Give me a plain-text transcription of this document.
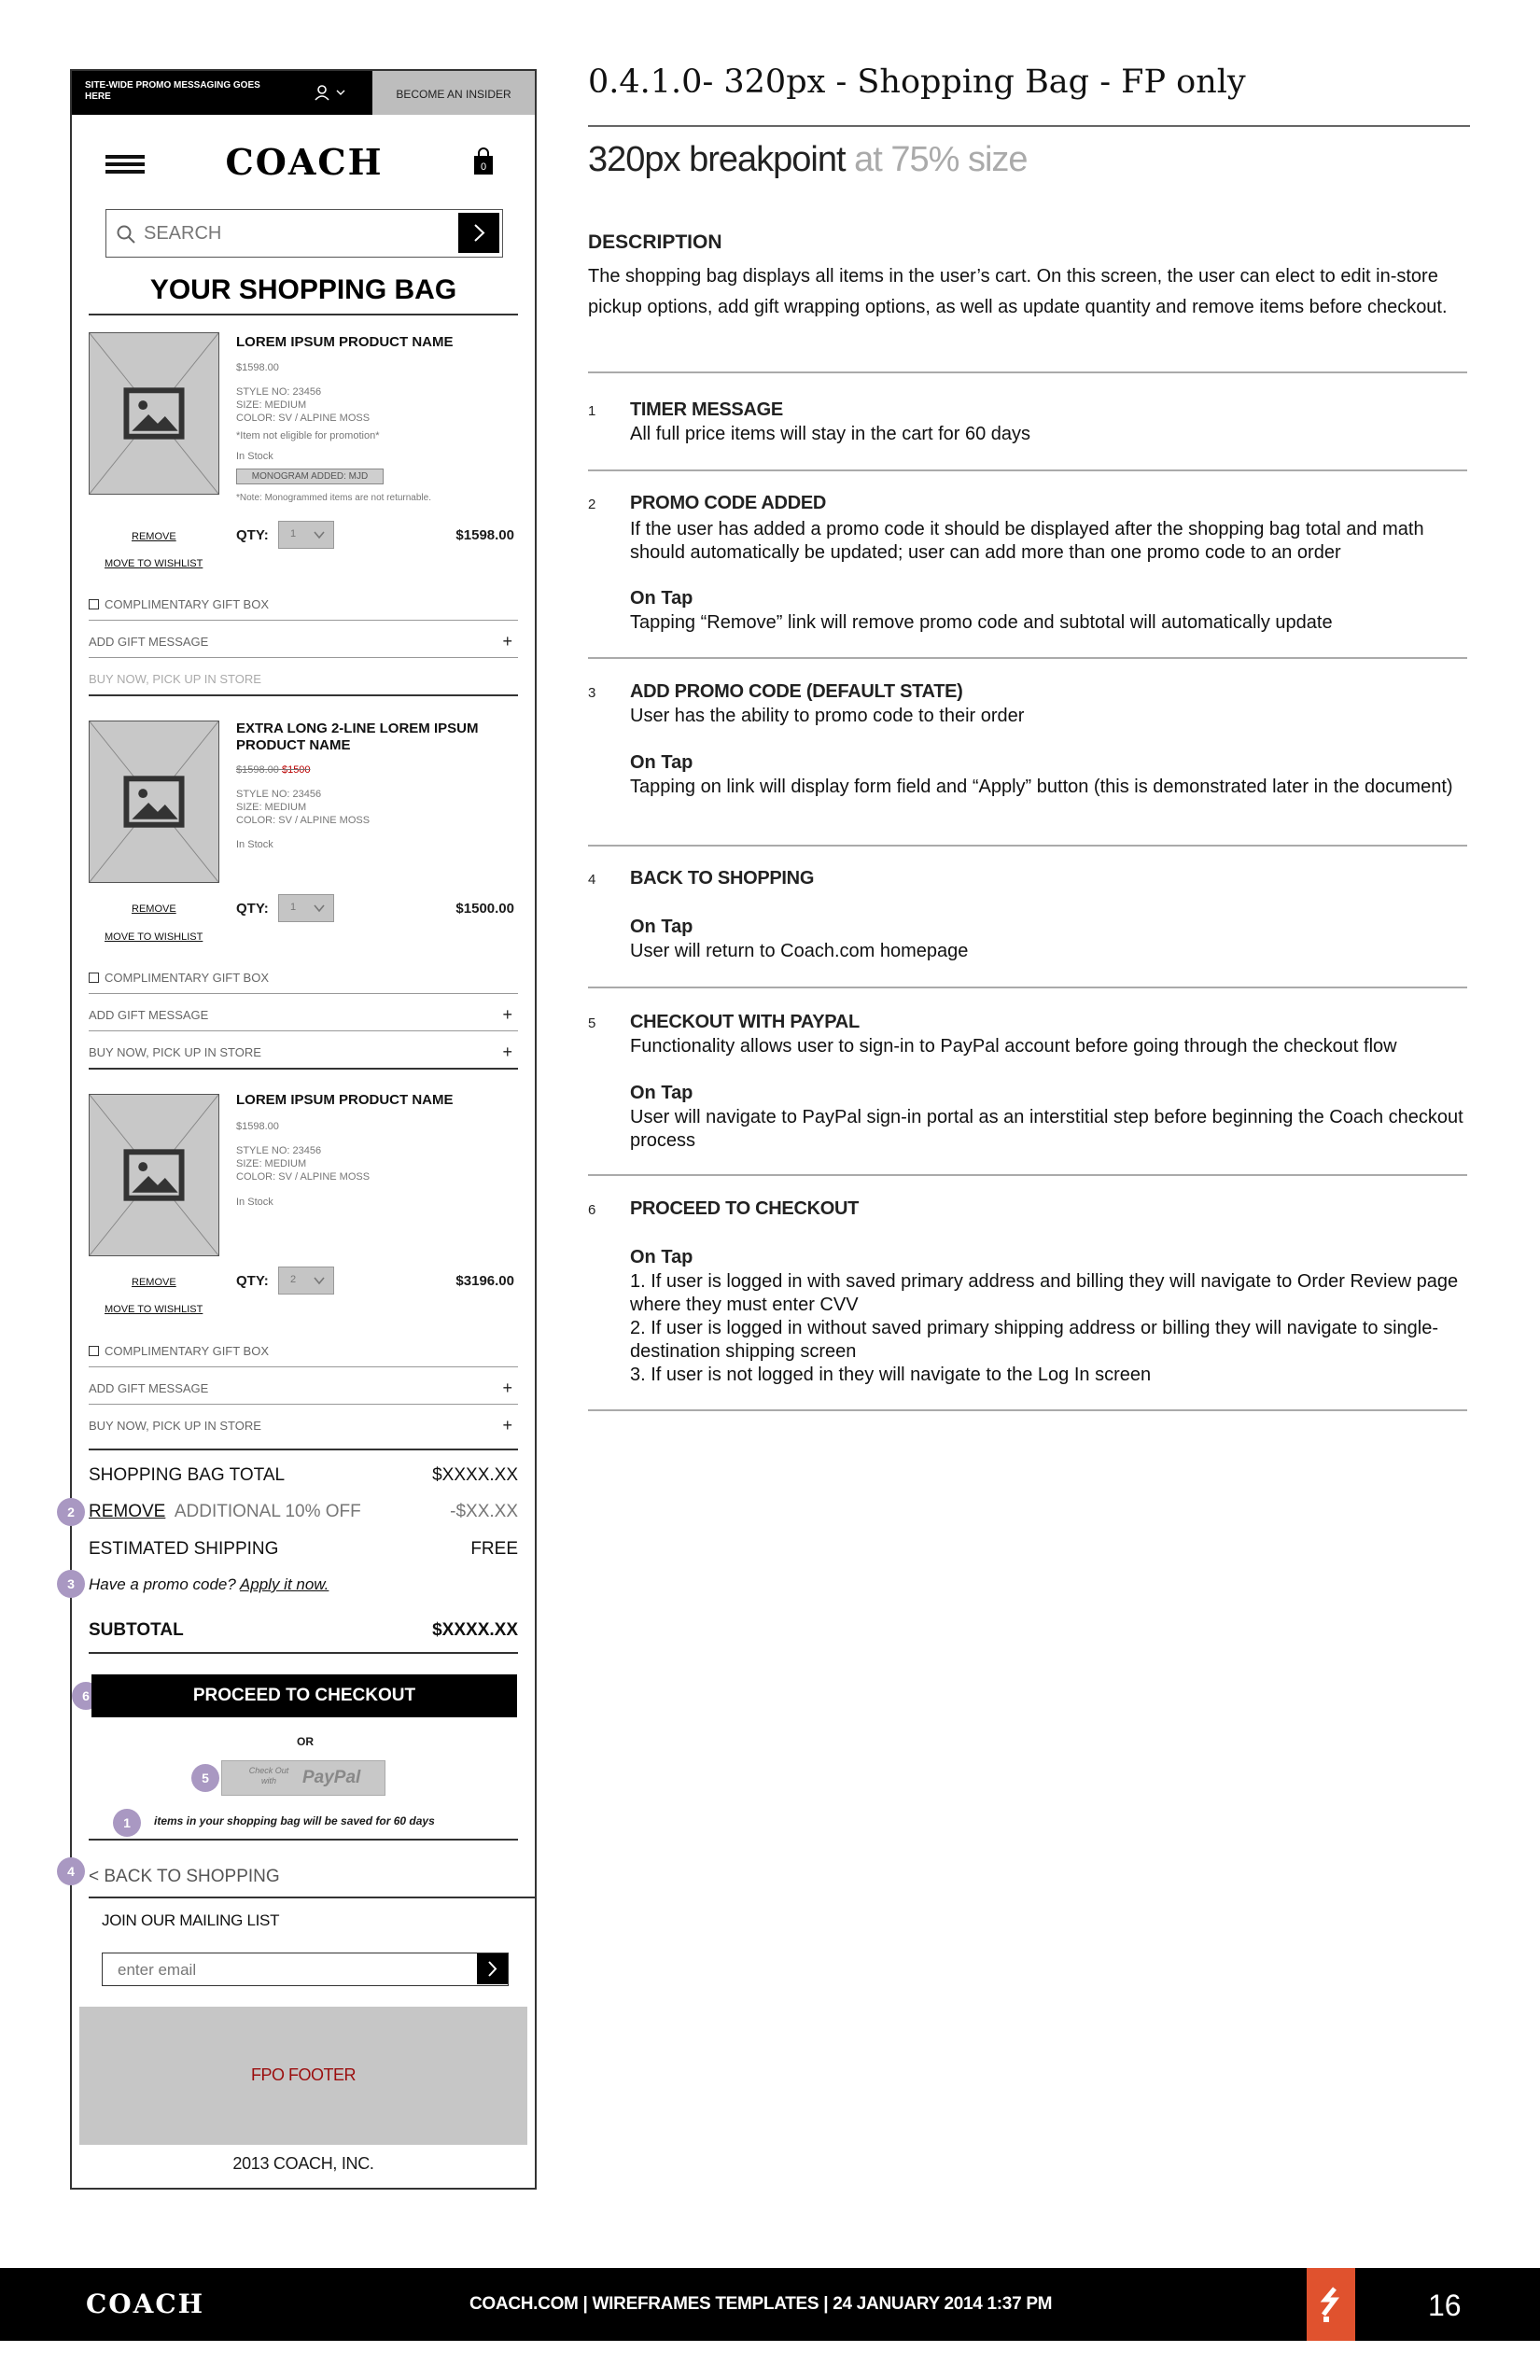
SITE-WIDE PROMO MESSAGING GOES HERE	BECOME AN INSIDER
COACH	0
SEARCH
YOUR SHOPPING BAG
LOREM IPSUM PRODUCT NAME
$1598.00
STYLE NO: 23456
SIZE: MEDIUM
COLOR: SV / ALPINE MOSS
*Item not eligible for promotion*
In Stock
MONOGRAM ADDED: MJD
*Note: Monogrammed items are not returnable.
REMOVE
MOVE TO WISHLIST
QTY:	1	$1598.00
COMPLIMENTARY GIFT BOX
ADD GIFT MESSAGE	+
BUY NOW, PICK UP IN STORE
EXTRA LONG 2-LINE LOREM IPSUM PRODUCT NAME
$1598.00 $1500
STYLE NO: 23456
SIZE: MEDIUM
COLOR: SV / ALPINE MOSS
In Stock
REMOVE
MOVE TO WISHLIST
QTY:	1	$1500.00
COMPLIMENTARY GIFT BOX
ADD GIFT MESSAGE	+
BUY NOW, PICK UP IN STORE	+
LOREM IPSUM PRODUCT NAME
$1598.00
STYLE NO: 23456
SIZE: MEDIUM
COLOR: SV / ALPINE MOSS
In Stock
REMOVE
MOVE TO WISHLIST
QTY:	2	$3196.00
COMPLIMENTARY GIFT BOX
ADD GIFT MESSAGE	+
BUY NOW, PICK UP IN STORE	+
SHOPPING BAG TOTAL	$XXXX.XX
2 REMOVE ADDITIONAL 10% OFF	-$XX.XX
ESTIMATED SHIPPING	FREE
3 Have a promo code? Apply it now.
SUBTOTAL	$XXXX.XX
6	PROCEED TO CHECKOUT
OR
5	Check Out with	PayPal
1	items in your shopping bag will be saved for 60 days
4 < BACK TO SHOPPING
JOIN OUR MAILING LIST
enter email
FPO FOOTER
2013 COACH, INC.
0.4.1.0- 320px - Shopping Bag - FP only
320px breakpoint at 75% size
DESCRIPTION
The shopping bag displays all items in the user’s cart. On this screen, the user can elect to edit in-store pickup options, add gift wrapping options, as well as update quantity and remove items before checkout.
1 TIMER MESSAGE
All full price items will stay in the cart for 60 days
2 PROMO CODE ADDED
If the user has added a promo code it should be displayed after the shopping bag total and math should automatically be updated; user can add more than one promo code to an order
On Tap
Tapping “Remove” link will remove promo code and subtotal will automatically update
3 ADD PROMO CODE (DEFAULT STATE)
User has the ability to promo code to their order
On Tap
Tapping on link will display form field and “Apply” button (this is demonstrated later in the document)
4 BACK TO SHOPPING
On Tap
User will return to Coach.com homepage
5 CHECKOUT WITH PAYPAL
Functionality allows user to sign-in to PayPal account before going through the checkout flow
On Tap
User will navigate to PayPal sign-in portal as an interstitial step before beginning the Coach checkout process
6 PROCEED TO CHECKOUT
On Tap
1. If user is logged in with saved primary address and billing they will navigate to Order Review page where they must enter CVV
2. If user is logged in without saved primary shipping address or billing they will navigate to single-destination shipping screen
3. If user is not logged in they will navigate to the Log In screen
COACH	COACH.COM | WIREFRAMES TEMPLATES | 24 JANUARY 2014 1:37 PM	16
